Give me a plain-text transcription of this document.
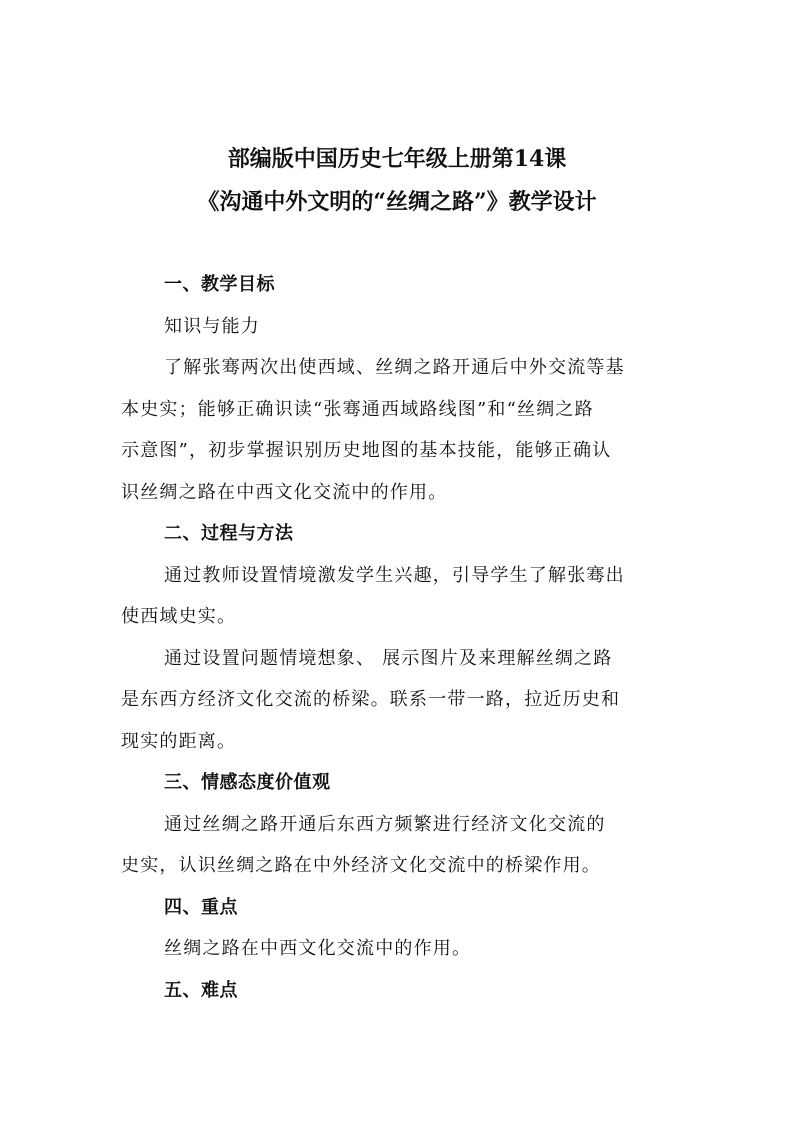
部编版中国历史七年级上册第14课
《沟通中外文明的“丝绸之路”》教学设计
一、教学目标
知识与能力
了解张骞两次出使西域、丝绸之路开通后中外交流等基
本史实；能够正确识读“张骞通西域路线图”和“丝绸之路
示意图”，初步掌握识别历史地图的基本技能，能够正确认
识丝绸之路在中西文化交流中的作用。
二、过程与方法
通过教师设置情境激发学生兴趣，引导学生了解张骞出
使西域史实。
通过设置问题情境想象、 展示图片及来理解丝绸之路
是东西方经济文化交流的桥梁。联系一带一路，拉近历史和
现实的距离。
三、情感态度价值观
通过丝绸之路开通后东西方频繁进行经济文化交流的
史实，认识丝绸之路在中外经济文化交流中的桥梁作用。
四、重点
丝绸之路在中西文化交流中的作用。
五、难点
